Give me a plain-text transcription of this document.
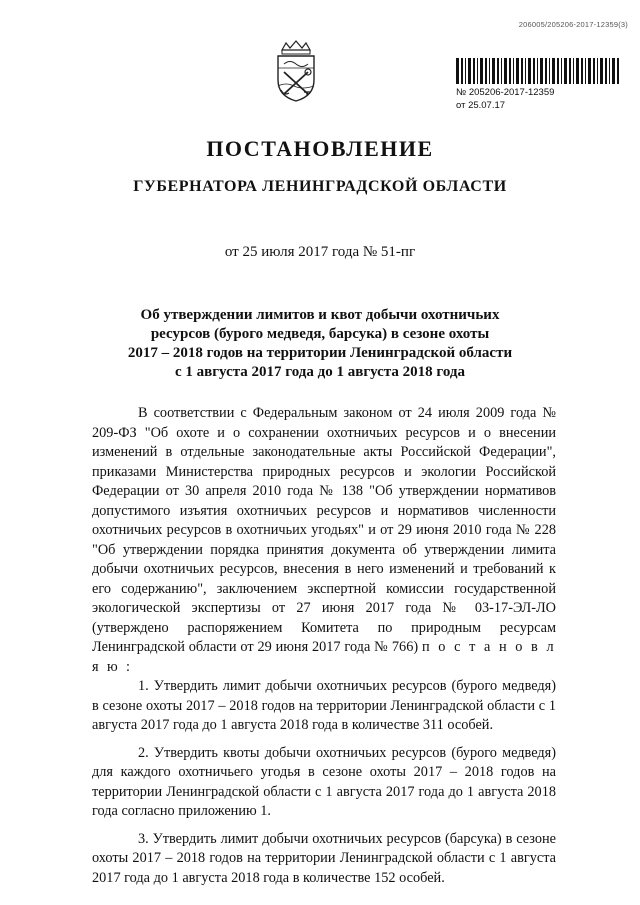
206005/205206-2017-12359(3)
№ 205206-2017-12359
от 25.07.17
ПОСТАНОВЛЕНИЕ
ГУБЕРНАТОРА ЛЕНИНГРАДСКОЙ ОБЛАСТИ
от 25 июля 2017 года № 51-пг
Об утверждении лимитов и квот добычи охотничьих
ресурсов (бурого медведя, барсука) в сезоне охоты
2017 – 2018 годов на территории Ленинградской области
с 1 августа 2017 года до 1 августа 2018 года

В соответствии с Федеральным законом от 24 июля 2009 года № 209-ФЗ "Об охоте и о сохранении охотничьих ресурсов и о внесении изменений в отдельные законодательные акты Российской Федерации", приказами Министерства природных ресурсов и экологии Российской Федерации от 30 апреля 2010 года № 138 "Об утверждении нормативов допустимого изъятия охотничьих ресурсов и нормативов численности охотничьих ресурсов в охотничьих угодьях" и от 29 июня 2010 года № 228 "Об утверждении порядка принятия документа об утверждении лимита добычи охотничьих ресурсов, внесения в него изменений и требований к его содержанию", заключением экспертной комиссии государственной экологической экспертизы от 27 июня 2017 года № 03-17-ЭЛ-ЛО (утверждено распоряжением Комитета по природным ресурсам Ленинградской области от 29 июня 2017 года № 766) п о с т а н о в л я ю :

1. Утвердить лимит добычи охотничьих ресурсов (бурого медведя) в сезоне охоты 2017 – 2018 годов на территории Ленинградской области с 1 августа 2017 года до 1 августа 2018 года в количестве 311 особей.

2. Утвердить квоты добычи охотничьих ресурсов (бурого медведя) для каждого охотничьего угодья в сезоне охоты 2017 – 2018 годов на территории Ленинградской области с 1 августа 2017 года до 1 августа 2018 года согласно приложению 1.

3. Утвердить лимит добычи охотничьих ресурсов (барсука) в сезоне охоты 2017 – 2018 годов на территории Ленинградской области с 1 августа 2017 года до 1 августа 2018 года в количестве 152 особей.
